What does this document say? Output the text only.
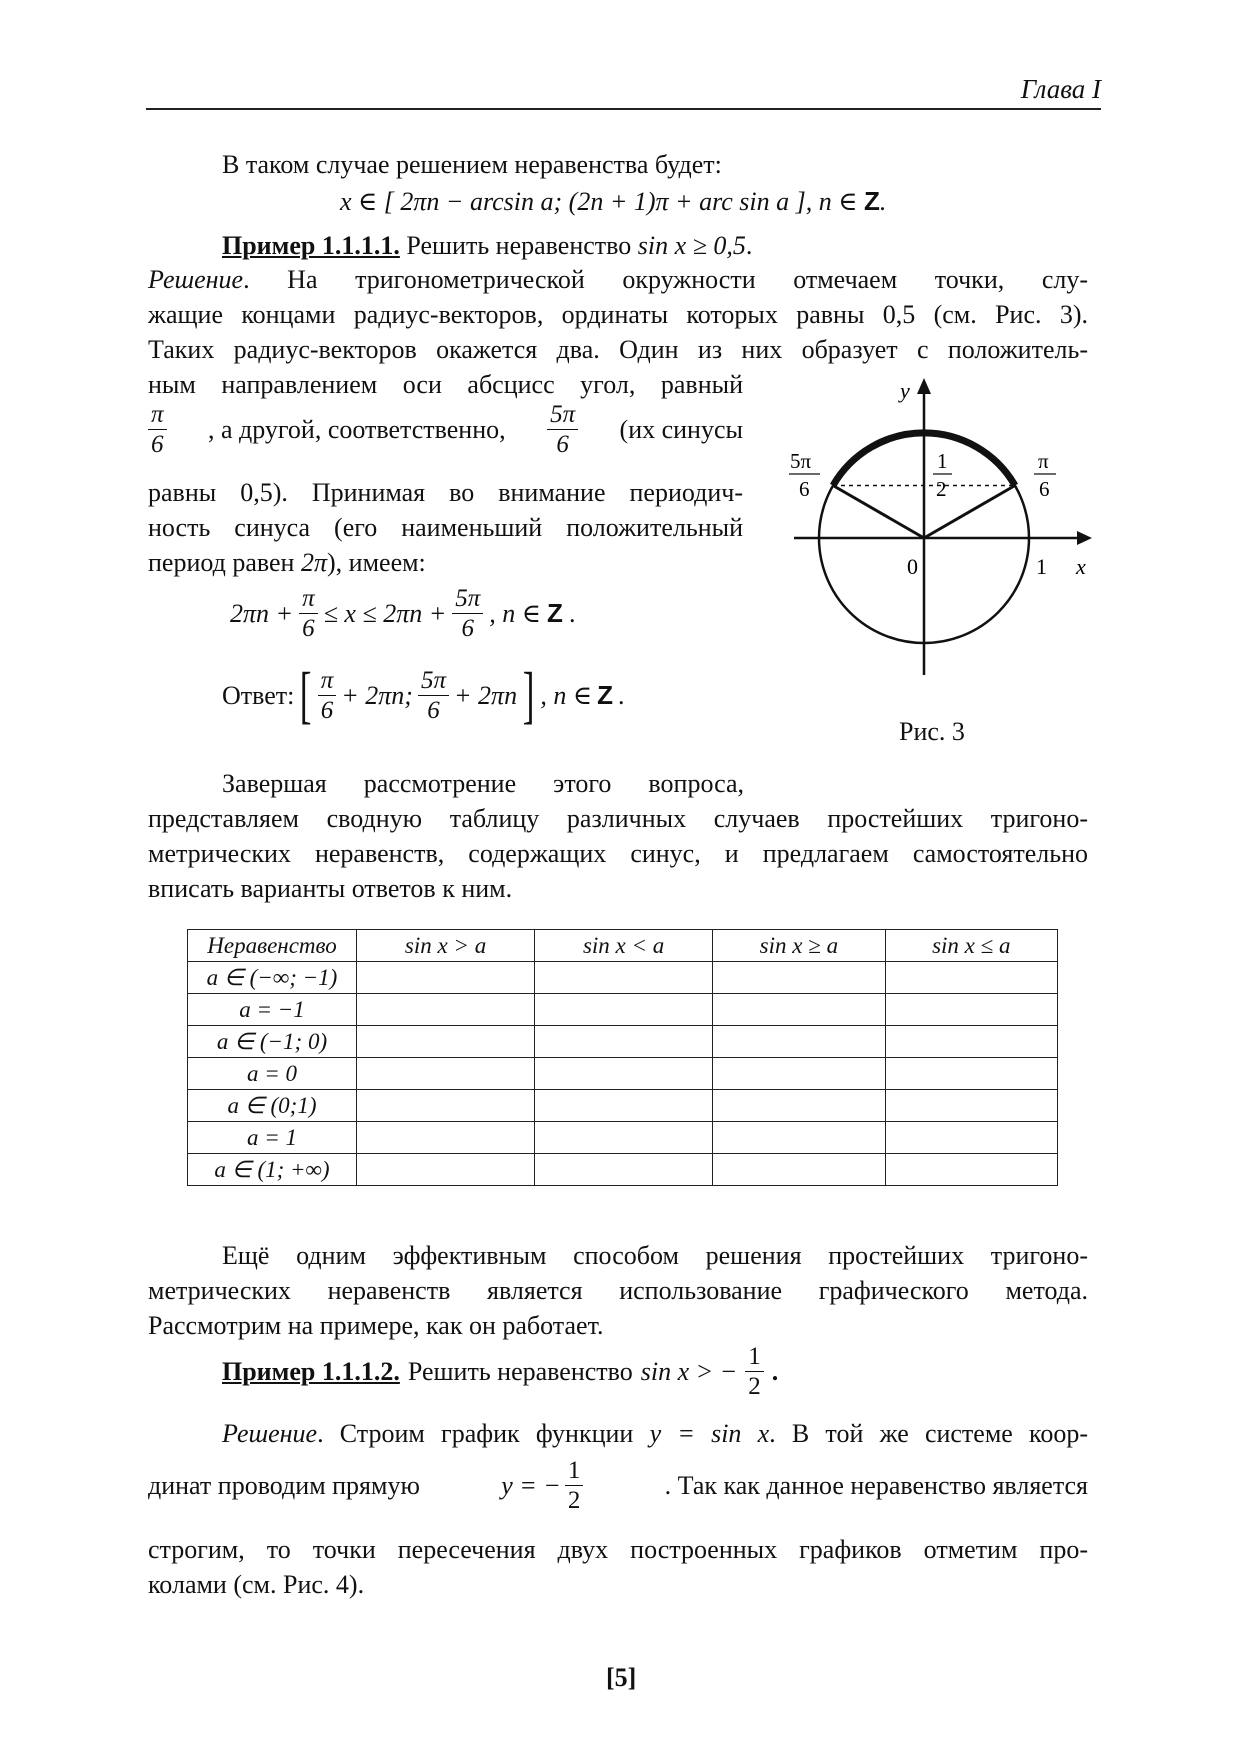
Глава I
В таком случае решением неравенства будет:
x ∈ [ 2πn − arcsin a; (2n + 1)π + arc sin a ], n ∈ Z.
Пример 1.1.1.1. Решить неравенство sin x ≥ 0,5.
Решение. На тригонометрической окружности отмечаем точки, слу-
жащие концами радиус-векторов, ординаты которых равны 0,5 (см. Рис. 3).
Таких радиус-векторов окажется два. Один из них образует с положитель-
ным направлением оси абсцисс угол, равный
$\frac{\pi}{6}$ , а другой, соответственно, $\frac{5\pi}{6} (их$ синусы
равны 0,5). Принимая во внимание периодич-
ность синуса (его наименьший положительный
период равен 2π), имеем:
$2\pi n + \frac{\pi}{6} \le x \le 2\pi n + \frac{5\pi}{6}$ , n ∈ Z .
Ответ: [ $\frac{\pi}{6} + 2\pi n$; $\frac{5\pi}{6} + 2\pi n$ ] , n ∈ Z .
y
x
0	1
5π
6
1
2
π
6
Рис. 3
Завершая рассмотрение этого вопроса,
представляем сводную таблицу различных случаев простейших тригоно-
метрических неравенств, содержащих синус, и предлагаем самостоятельно
вписать варианты ответов к ним.
Неравенство	sin x > a	sin x < a	sin x ≥ a	sin x ≤ a
a ∈ (−∞; −1)				
a = −1				
a ∈ (−1; 0)				
a = 0				
a ∈ (0;1)				
a = 1				
a ∈ (1; +∞)				
Ещё одним эффективным способом решения простейших тригоно-
метрических неравенств является использование графического метода.
Рассмотрим на примере, как он работает.
Пример 1.1.1.2. Решить неравенство sin x > − $\frac{1}{2}$ .
Решение. Строим график функции y = sin x. В той же системе коор-
динат проводим прямую	y = − $\frac{1}{2}$	. Так как данное неравенство является
строгим, то точки пересечения двух построенных графиков отметим про-
колами (см. Рис. 4).
[5]
